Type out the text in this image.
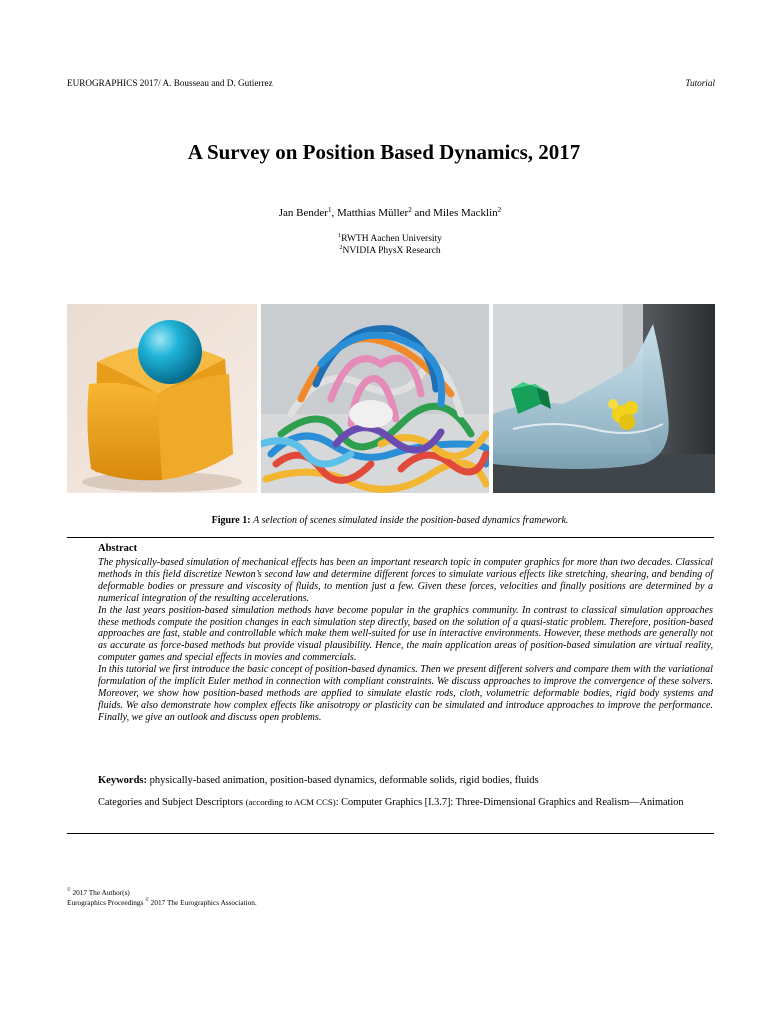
EUROGRAPHICS 2017/ A. Bousseau and D. Gutierrez	Tutorial
A Survey on Position Based Dynamics, 2017
Jan Bender$^1$, Matthias Müller$^2$ and Miles Macklin$^2$
$^1$RWTH Aachen University
$^2$NVIDIA PhysX Research
Figure 1: A selection of scenes simulated inside the position-based dynamics framework.
Abstract

The physically-based simulation of mechanical effects has been an important research topic in computer graphics for more than two decades. Classical methods in this field discretize Newton’s second law and determine different forces to simulate various effects like stretching, shearing, and bending of deformable bodies or pressure and viscosity of fluids, to mention just a few. Given these forces, velocities and finally positions are determined by a numerical integration of the resulting accelerations.

In the last years position-based simulation methods have become popular in the graphics community. In contrast to classical simulation approaches these methods compute the position changes in each simulation step directly, based on the solution of a quasi-static problem. Therefore, position-based approaches are fast, stable and controllable which make them well-suited for use in interactive environments. However, these methods are generally not as accurate as force-based methods but provide visual plausibility. Hence, the main application areas of position-based simulation are virtual reality, computer games and special effects in movies and commercials.

In this tutorial we first introduce the basic concept of position-based dynamics. Then we present different solvers and compare them with the variational formulation of the implicit Euler method in connection with compliant constraints. We discuss approaches to improve the convergence of these solvers. Moreover, we show how position-based methods are applied to simulate elastic rods, cloth, volumetric deformable bodies, rigid body systems and fluids. We also demonstrate how complex effects like anisotropy or plasticity can be simulated and introduce approaches to improve the performance. Finally, we give an outlook and discuss open problems.

Keywords: physically-based animation, position-based dynamics, deformable solids, rigid bodies, fluids
Categories and Subject Descriptors (according to ACM CCS): Computer Graphics [I.3.7]: Three-Dimensional Graphics and Realism—Animation
© 2017 The Author(s)
Eurographics Proceedings © 2017 The Eurographics Association.
